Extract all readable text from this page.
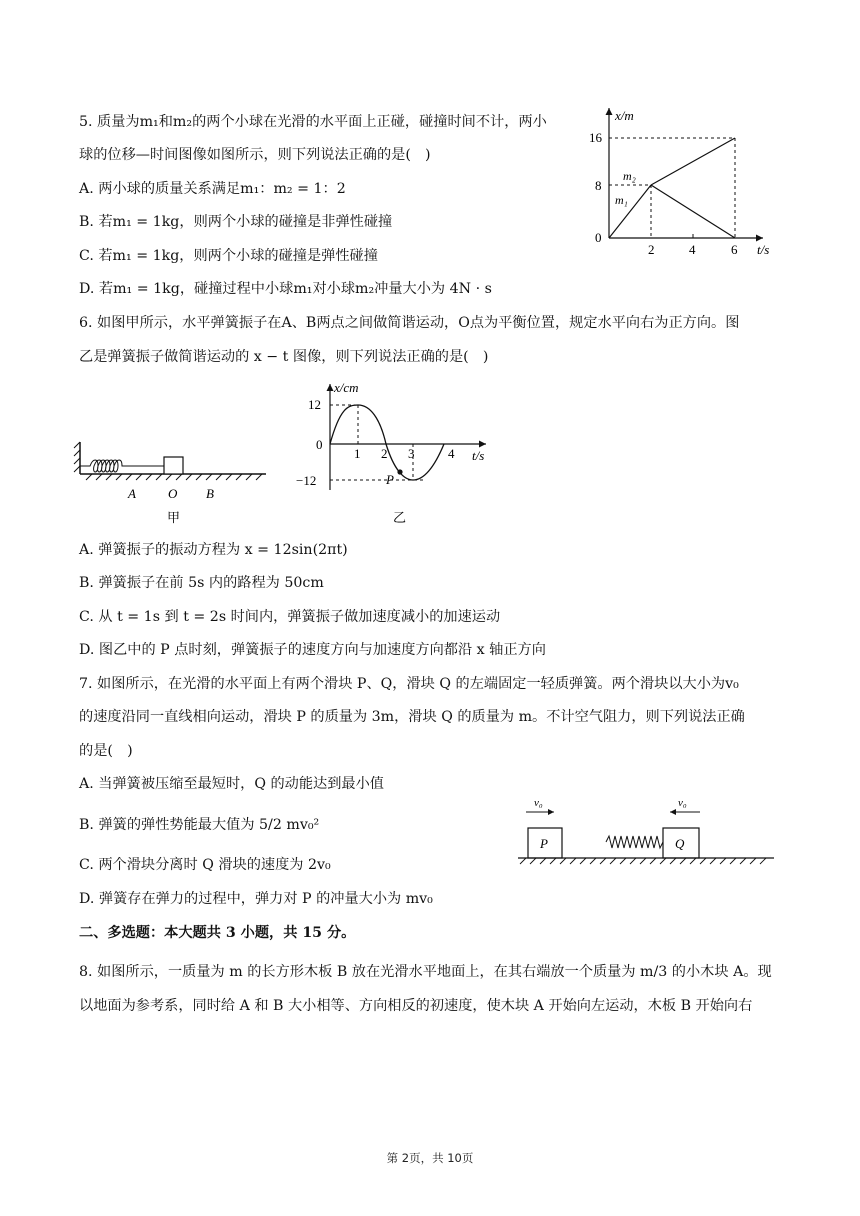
5. 质量为m₁和m₂的两个小球在光滑的水平面上正碰，碰撞时间不计，两小
球的位移—时间图像如图所示，则下列说法正确的是(　)
A. 两小球的质量关系满足m₁：m₂ = 1：2
B. 若m₁ = 1kg，则两个小球的碰撞是非弹性碰撞
C. 若m₁ = 1kg，则两个小球的碰撞是弹性碰撞
D. 若m₁ = 1kg，碰撞过程中小球m₁对小球m₂冲量大小为 4N · s
x/m
t/s
16
8
0
2	4	6
m₂
m₁
6. 如图甲所示，水平弹簧振子在A、B两点之间做简谐运动，O点为平衡位置，规定水平向右为正方向。图
乙是弹簧振子做简谐运动的 x − t 图像，则下列说法正确的是(　)
A O B
甲
x/cm
t/s
12
0
−12
1 2 3	4
P
乙
A. 弹簧振子的振动方程为 x = 12sin(2πt)
B. 弹簧振子在前 5s 内的路程为 50cm
C. 从 t = 1s 到 t = 2s 时间内，弹簧振子做加速度减小的加速运动
D. 图乙中的 P 点时刻，弹簧振子的速度方向与加速度方向都沿 x 轴正方向
7. 如图所示，在光滑的水平面上有两个滑块 P、Q，滑块 Q 的左端固定一轻质弹簧。两个滑块以大小为v₀
的速度沿同一直线相向运动，滑块 P 的质量为 3m，滑块 Q 的质量为 m。不计空气阻力，则下列说法正确
的是(　)
A. 当弹簧被压缩至最短时，Q 的动能达到最小值
B. 弹簧的弹性势能最大值为 5/2 mv₀²
C. 两个滑块分离时 Q 滑块的速度为 2v₀
D. 弹簧存在弹力的过程中，弹力对 P 的冲量大小为 mv₀
v₀	v₀
P	Q
二、多选题：本大题共 3 小题，共 15 分。
8. 如图所示，一质量为 m 的长方形木板 B 放在光滑水平地面上，在其右端放一个质量为 m/3 的小木块 A。现
以地面为参考系，同时给 A 和 B 大小相等、方向相反的初速度，使木块 A 开始向左运动，木板 B 开始向右
第 2页，共 10页
